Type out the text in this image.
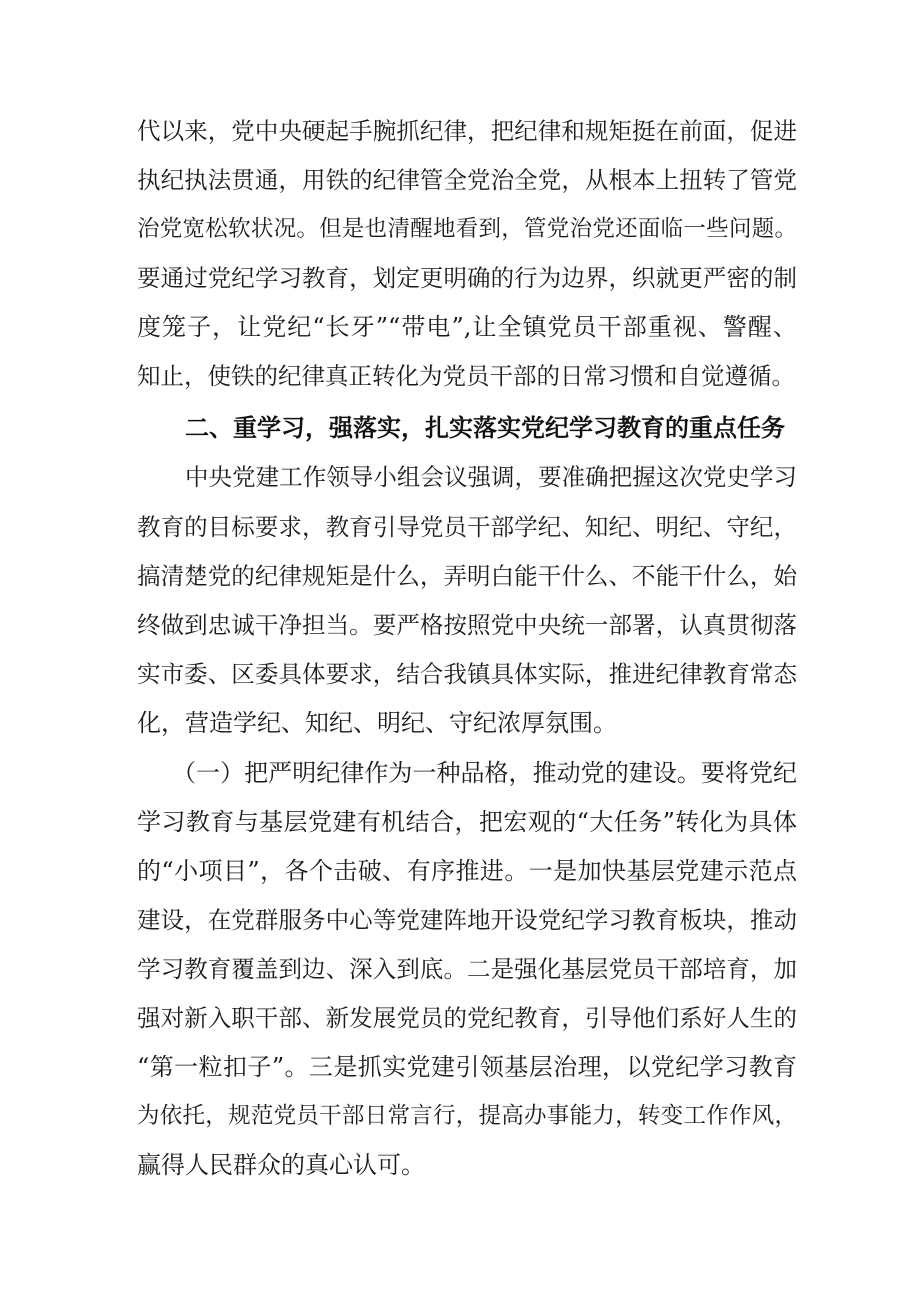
代以来，党中央硬起手腕抓纪律，把纪律和规矩挺在前面，促进
执纪执法贯通，用铁的纪律管全党治全党，从根本上扭转了管党
治党宽松软状况。但是也清醒地看到，管党治党还面临一些问题。
要通过党纪学习教育，划定更明确的行为边界，织就更严密的制
度笼子，让党纪“长牙”“带电”,让全镇党员干部重视、警醒、
知止，使铁的纪律真正转化为党员干部的日常习惯和自觉遵循。
二、重学习，强落实，扎实落实党纪学习教育的重点任务
中央党建工作领导小组会议强调，要准确把握这次党史学习
教育的目标要求，教育引导党员干部学纪、知纪、明纪、守纪，
搞清楚党的纪律规矩是什么，弄明白能干什么、不能干什么，始
终做到忠诚干净担当。要严格按照党中央统一部署，认真贯彻落
实市委、区委具体要求，结合我镇具体实际，推进纪律教育常态
化，营造学纪、知纪、明纪、守纪浓厚氛围。
（一）把严明纪律作为一种品格，推动党的建设。要将党纪
学习教育与基层党建有机结合，把宏观的“大任务”转化为具体
的“小项目”，各个击破、有序推进。一是加快基层党建示范点
建设，在党群服务中心等党建阵地开设党纪学习教育板块，推动
学习教育覆盖到边、深入到底。二是强化基层党员干部培育，加
强对新入职干部、新发展党员的党纪教育，引导他们系好人生的
“第一粒扣子”。三是抓实党建引领基层治理，以党纪学习教育
为依托，规范党员干部日常言行，提高办事能力，转变工作作风，
赢得人民群众的真心认可。
